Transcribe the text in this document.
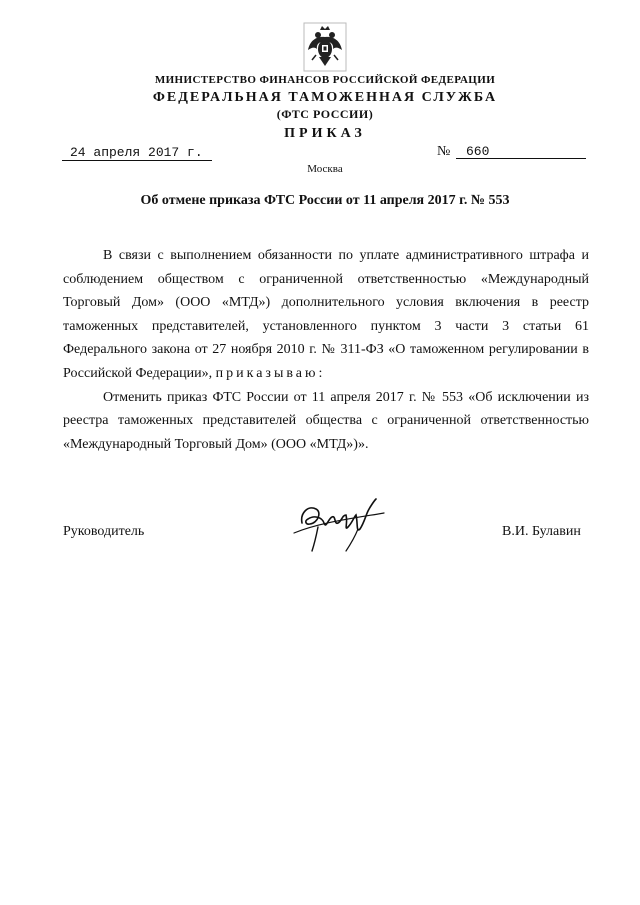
МИНИСТЕРСТВО ФИНАНСОВ РОССИЙСКОЙ ФЕДЕРАЦИИ
ФЕДЕРАЛЬНАЯ ТАМОЖЕННАЯ СЛУЖБА
(ФТС РОССИИ)
ПРИКАЗ
24 апреля 2017 г.	№ 660
Москва
Об отмене приказа ФТС России от 11 апреля 2017 г. № 553

В связи с выполнением обязанности по уплате административного штрафа и соблюдением обществом с ограниченной ответственностью «Международный Торговый Дом» (ООО «МТД») дополнительного условия включения в реестр таможенных представителей, установленного пунктом 3 части 3 статьи 61 Федерального закона от 27 ноября 2010 г. № 311-ФЗ «О таможенном регулировании в Российской Федерации», приказываю:

Отменить приказ ФТС России от 11 апреля 2017 г. № 553 «Об исключении из реестра таможенных представителей общества с ограниченной ответственностью «Международный Торговый Дом» (ООО «МТД»)».

Руководитель	В.И. Булавин
